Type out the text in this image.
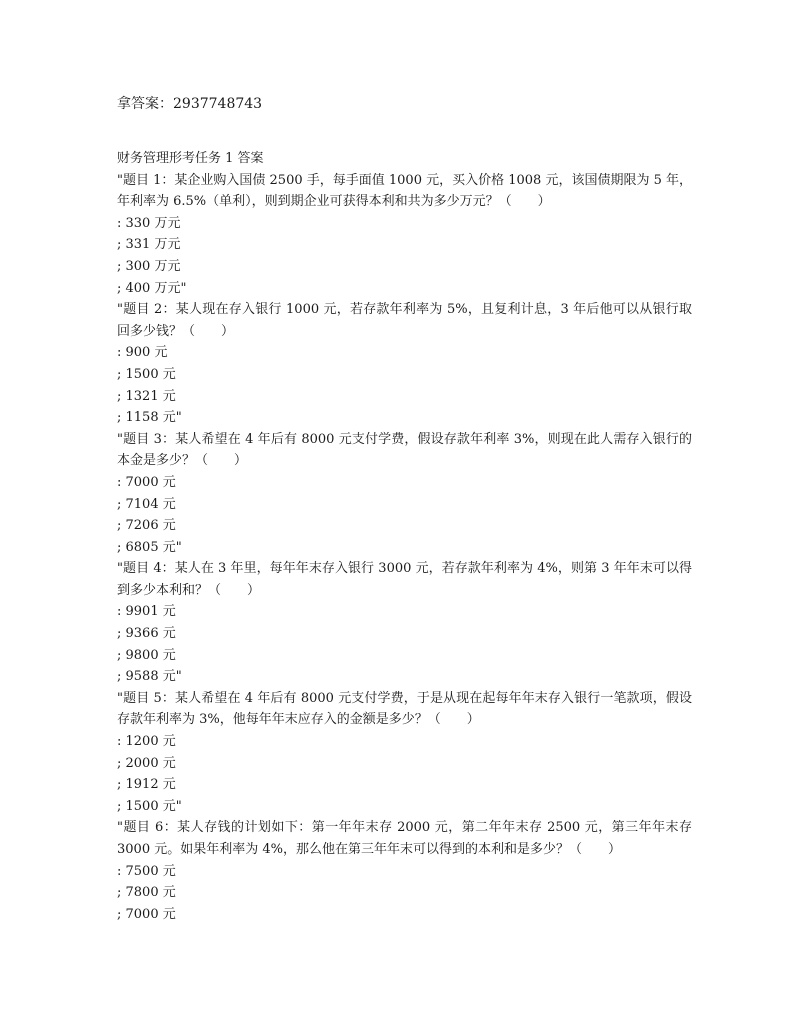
拿答案：2937748743

财务管理形考任务 1 答案

"题目 1：某企业购入国债 2500 手，每手面值 1000 元，买入价格 1008 元，该国债期限为 5 年，年利率为 6.5%（单利），则到期企业可获得本利和共为多少万元？（　　）

: 330 万元

; 331 万元

; 300 万元

; 400 万元"

"题目 2：某人现在存入银行 1000 元，若存款年利率为 5%，且复利计息，3 年后他可以从银行取回多少钱？（　　）

: 900 元

; 1500 元

; 1321 元

; 1158 元"

"题目 3：某人希望在 4 年后有 8000 元支付学费，假设存款年利率 3%，则现在此人需存入银行的本金是多少？（　　）

: 7000 元

; 7104 元

; 7206 元

; 6805 元"

"题目 4：某人在 3 年里，每年年末存入银行 3000 元，若存款年利率为 4%，则第 3 年年末可以得到多少本利和？（　　）

: 9901 元

; 9366 元

; 9800 元

; 9588 元"

"题目 5：某人希望在 4 年后有 8000 元支付学费，于是从现在起每年年末存入银行一笔款项，假设存款年利率为 3%，他每年年末应存入的金额是多少？（　　）

: 1200 元

; 2000 元

; 1912 元

; 1500 元"

"题目 6：某人存钱的计划如下：第一年年末存 2000 元，第二年年末存 2500 元，第三年年末存 3000 元。如果年利率为 4%，那么他在第三年年末可以得到的本利和是多少？（　　）

: 7500 元

; 7800 元

; 7000 元
